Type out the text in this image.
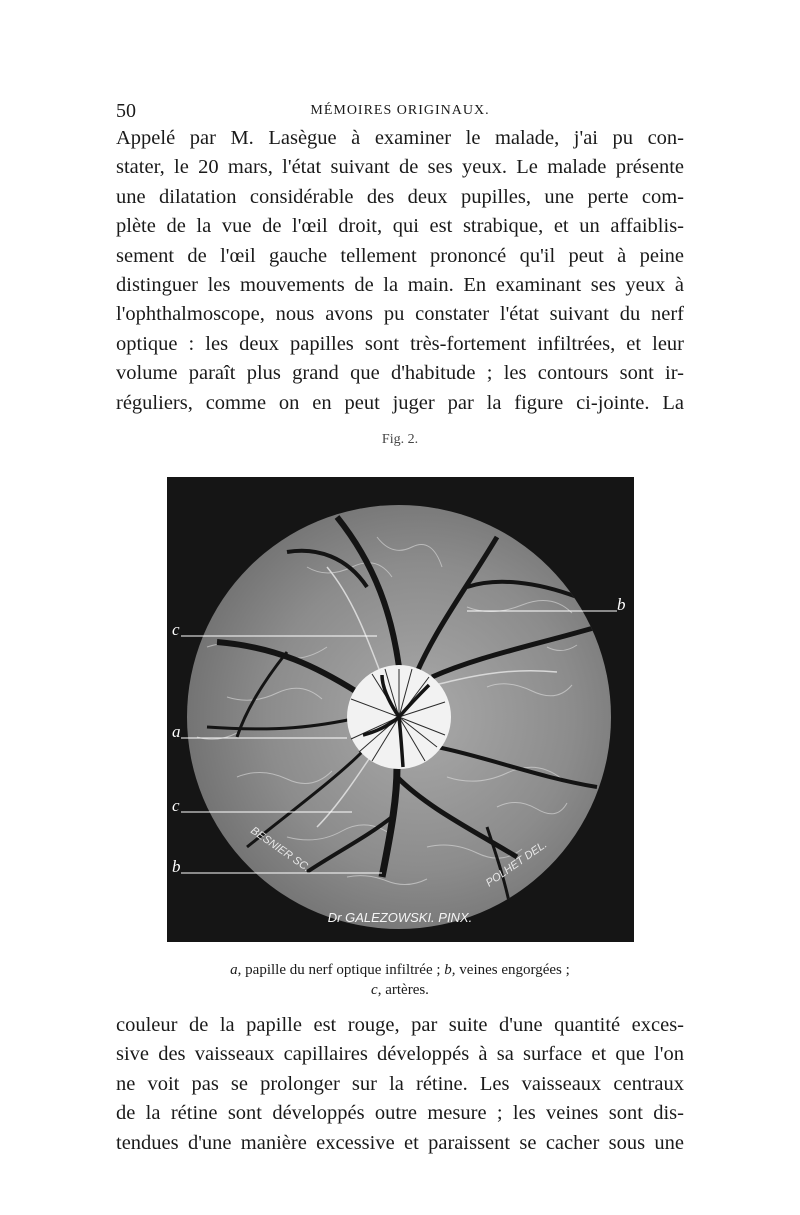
50	MÉMOIRES ORIGINAUX.
Appelé par M. Lasègue à examiner le malade, j'ai pu con-
stater, le 20 mars, l'état suivant de ses yeux. Le malade présente
une dilatation considérable des deux pupilles, une perte com-
plète de la vue de l'œil droit, qui est strabique, et un affaiblis-
sement de l'œil gauche tellement prononcé qu'il peut à peine
distinguer les mouvements de la main. En examinant ses yeux à
l'ophthalmoscope, nous avons pu constater l'état suivant du nerf
optique : les deux papilles sont très-fortement infiltrées, et leur
volume paraît plus grand que d'habitude ; les contours sont ir-
réguliers, comme on en peut juger par la figure ci-jointe. La
Fig. 2.
BESNIER SC.	POLHET DEL.
Dr GALEZOWSKI. PINX.
c
b
a
c
b
a, papille du nerf optique infiltrée ; b, veines engorgées ;
c, artères.
couleur de la papille est rouge, par suite d'une quantité exces-
sive des vaisseaux capillaires développés à sa surface et que l'on
ne voit pas se prolonger sur la rétine. Les vaisseaux centraux
de la rétine sont développés outre mesure ; les veines sont dis-
tendues d'une manière excessive et paraissent se cacher sous une
